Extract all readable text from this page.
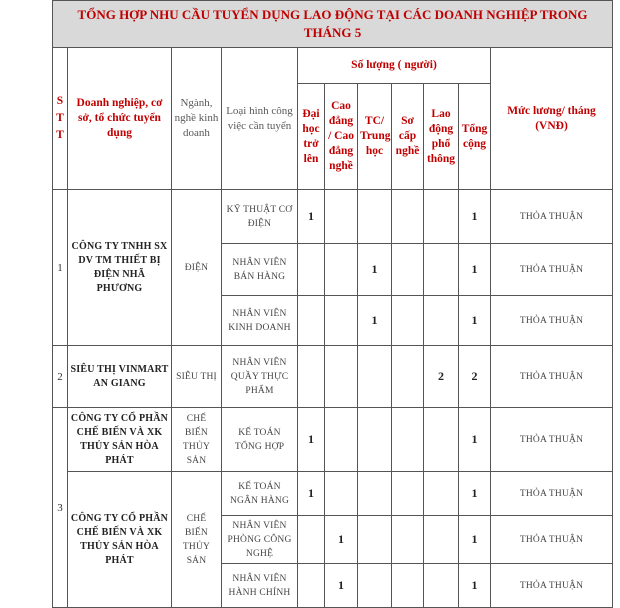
TỔNG HỢP NHU CẦU TUYỂN DỤNG LAO ĐỘNG TẠI CÁC DOANH NGHIỆP TRONG THÁNG 5										
STT	Doanh nghiệp, cơ sở, tổ chức tuyển dụng	Ngành, nghề kinh doanh	Loại hình công việc cần tuyển	Số lượng ( người)						Mức lương/ tháng (VNĐ)
				Đại học trở lên	Cao đẳng / Cao đẳng nghề	TC/ Trung học	Sơ cấp nghề	Lao động phổ thông	Tổng cộng	
1	CÔNG TY TNHH SX DV TM THIẾT BỊ ĐIỆN NHÃ PHƯƠNG	ĐIỆN	KỸ THUẬT CƠ ĐIỆN	1					1	THỎA THUẬN
			NHÂN VIÊN BÁN HÀNG			1			1	THỎA THUẬN
			NHÂN VIÊN KINH DOANH			1			1	THỎA THUẬN
2	SIÊU THỊ VINMART AN GIANG	SIÊU THỊ	NHÂN VIÊN QUẦY THỰC PHẨM					2	2	THỎA THUẬN
3	CÔNG TY CỔ PHẦN CHẾ BIẾN VÀ XK THỦY SẢN HÒA PHÁT	CHẾ BIẾN THỦY SẢN	KẾ TOÁN TỔNG HỢP	1					1	THỎA THUẬN
	CÔNG TY CỔ PHẦN CHẾ BIẾN VÀ XK THỦY SẢN HÒA PHÁT	CHẾ BIẾN THỦY SẢN	KẾ TOÁN NGÂN HÀNG	1					1	THỎA THUẬN
			NHÂN VIÊN PHÒNG CÔNG NGHỆ		1				1	THỎA THUẬN
			NHÂN VIÊN HÀNH CHÍNH		1				1	THỎA THUẬN
